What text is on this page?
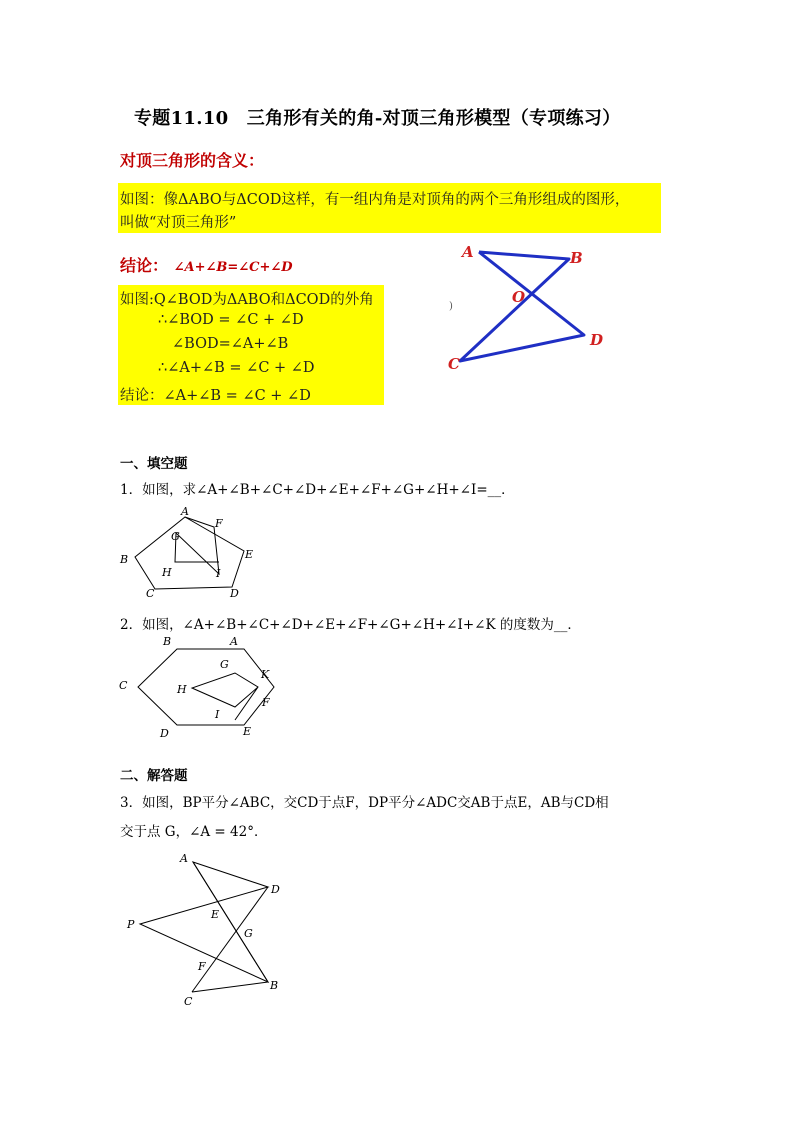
专题11.10　三角形有关的角-对顶三角形模型（专项练习）
对顶三角形的含义：
如图：像ΔABO与ΔCOD这样，有一组内角是对顶角的两个三角形组成的图形，
叫做“对顶三角形”
结论： ∠A+∠B=∠C+∠D
如图:Q∠BOD为ΔABO和ΔCOD的外角
∴∠BOD = ∠C + ∠D
∠BOD=∠A+∠B
∴∠A+∠B = ∠C + ∠D
结论：∠A+∠B = ∠C + ∠D
)
A	B
O
C
D
一、填空题
1．如图，求∠A+∠B+∠C+∠D+∠E+∠F+∠G+∠H+∠I=__．
A
F
G
B	E
H	I
C	D
2．如图，∠A+∠B+∠C+∠D+∠E+∠F+∠G+∠H+∠I+∠K 的度数为__．
B	A
G
K
C	H
F
I
D	E
二、解答题
3．如图，BP平分∠ABC，交CD于点F，DP平分∠ADC交AB于点E，AB与CD相
交于点 G，∠A = 42°．
A
D
P
E
G
F
C
B
